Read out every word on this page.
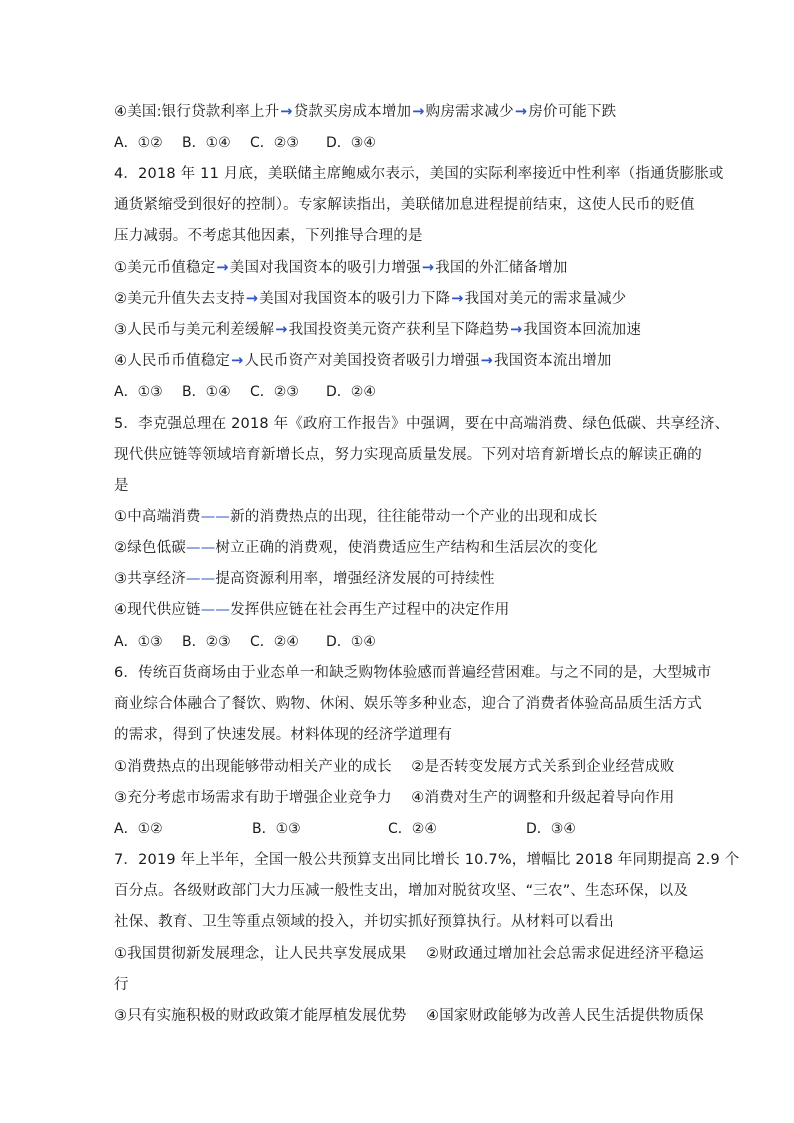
④美国:银行贷款利率上升→贷款买房成本增加→购房需求减少→房价可能下跌
A．①② B．①④ C．②③ D．③④
4．2018 年 11 月底，美联储主席鲍威尔表示，美国的实际利率接近中性利率（指通货膨胀或
通货紧缩受到很好的控制）。专家解读指出，美联储加息进程提前结束，这使人民币的贬值
压力减弱。不考虑其他因素，下列推导合理的是
①美元币值稳定→美国对我国资本的吸引力增强→我国的外汇储备增加
②美元升值失去支持→美国对我国资本的吸引力下降→我国对美元的需求量减少
③人民币与美元利差缓解→我国投资美元资产获利呈下降趋势→我国资本回流加速
④人民币币值稳定→人民币资产对美国投资者吸引力增强→我国资本流出增加
A．①③ B．①④ C．②③ D．②④
5．李克强总理在 2018 年《政府工作报告》中强调，要在中高端消费、绿色低碳、共享经济、
现代供应链等领域培育新增长点，努力实现高质量发展。下列对培育新增长点的解读正确的
是
①中高端消费——新的消费热点的出现，往往能带动一个产业的出现和成长
②绿色低碳——树立正确的消费观，使消费适应生产结构和生活层次的变化
③共享经济——提高资源利用率，增强经济发展的可持续性
④现代供应链——发挥供应链在社会再生产过程中的决定作用
A．①③ B．②③ C．②④ D．①④
6．传统百货商场由于业态单一和缺乏购物体验感而普遍经营困难。与之不同的是，大型城市
商业综合体融合了餐饮、购物、休闲、娱乐等多种业态，迎合了消费者体验高品质生活方式
的需求，得到了快速发展。材料体现的经济学道理有
①消费热点的出现能够带动相关产业的成长　 ②是否转变发展方式关系到企业经营成败
③充分考虑市场需求有助于增强企业竞争力　 ④消费对生产的调整和升级起着导向作用
A．①②	B．①③	C．②④	D．③④
7．2019 年上半年，全国一般公共预算支出同比增长 10.7%，增幅比 2018 年同期提高 2.9 个
百分点。各级财政部门大力压减一般性支出，增加对脱贫攻坚、“三农”、生态环保，以及
社保、教育、卫生等重点领域的投入，并切实抓好预算执行。从材料可以看出
①我国贯彻新发展理念，让人民共享发展成果　 ②财政通过增加社会总需求促进经济平稳运
行
③只有实施积极的财政政策才能厚植发展优势　 ④国家财政能够为改善人民生活提供物质保
